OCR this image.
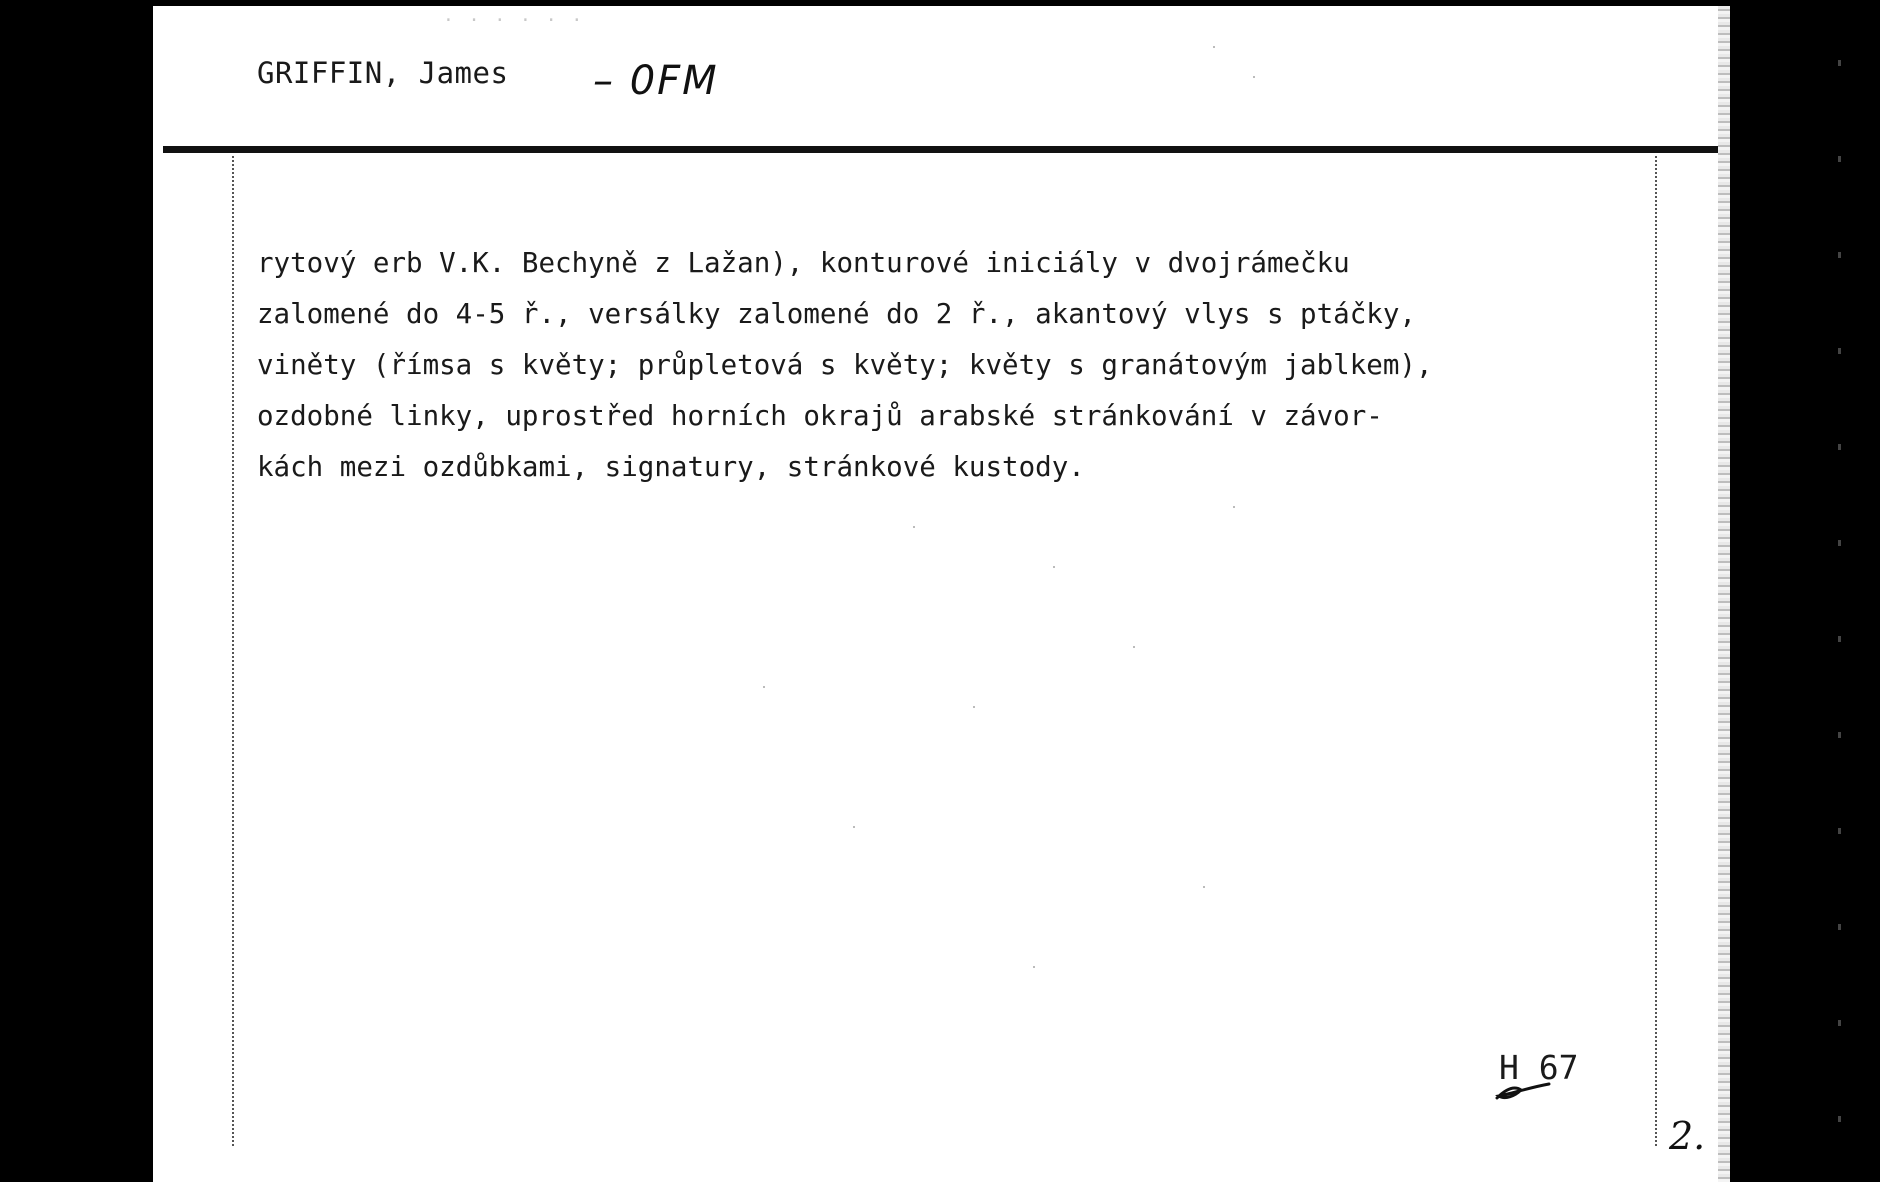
· · · · · ·
GRIFFIN, James – 0FM
rytový erb V.K. Bechyně z Lažan), konturové iniciály v dvojrámečku
zalomené do 4-5 ř., versálky zalomené do 2 ř., akantový vlys s ptáčky,
viněty (římsa s květy; průpletová s květy; květy s granátovým jablkem),
ozdobné linky, uprostřed horních okrajů arabské stránkování v závor-
kách mezi ozdůbkami, signatury, stránkové kustody.
H 67
2.
